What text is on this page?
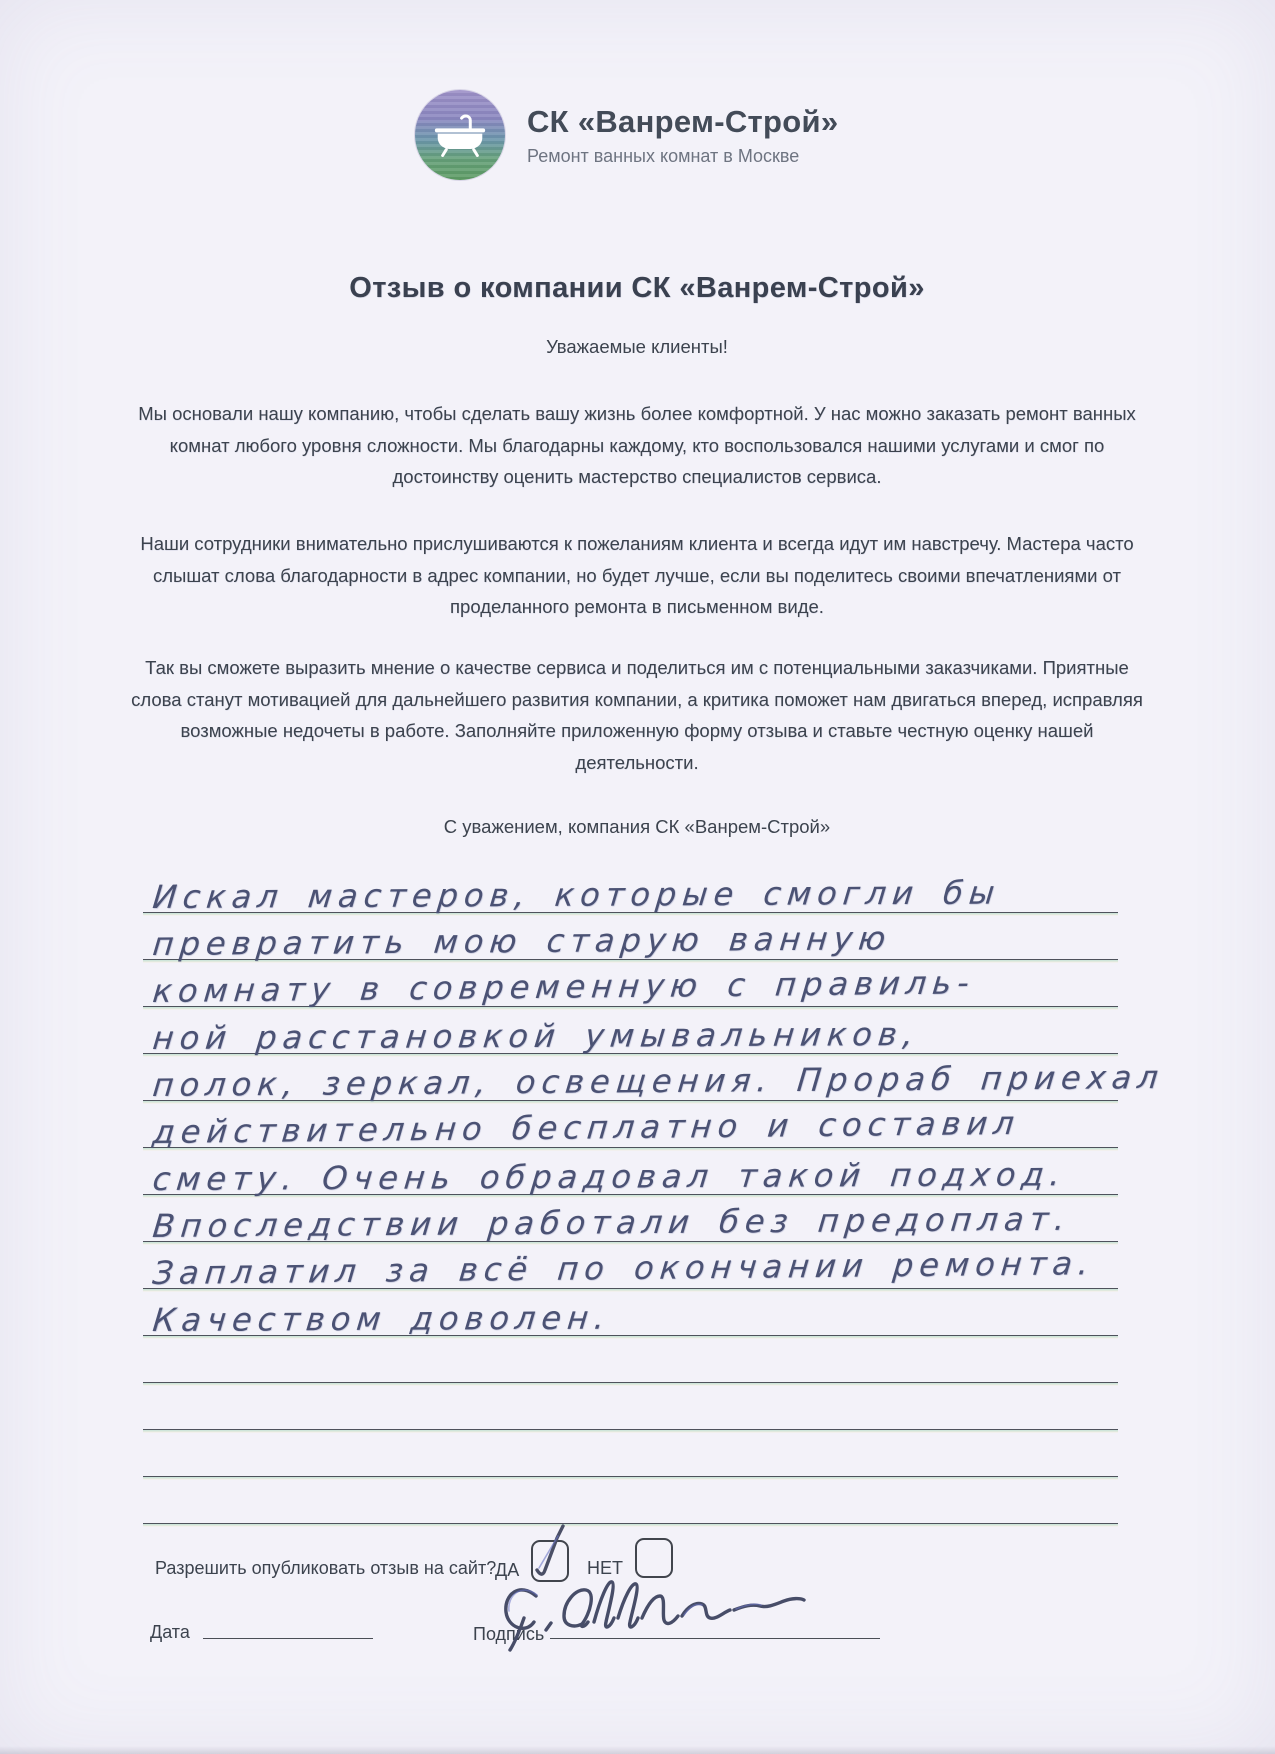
СК «Ванрем-Строй»
Ремонт ванных комнат в Москве
Отзыв о компании СК «Ванрем-Строй»

Уважаемые клиенты!

Мы основали нашу компанию, чтобы сделать вашу жизнь более комфортной. У нас можно заказать ремонт ванных комнат любого уровня сложности. Мы благодарны каждому, кто воспользовался нашими услугами и смог по достоинству оценить мастерство специалистов сервиса.

Наши сотрудники внимательно прислушиваются к пожеланиям клиента и всегда идут им навстречу. Мастера часто слышат слова благодарности в адрес компании, но будет лучше, если вы поделитесь своими впечатлениями от проделанного ремонта в письменном виде.

Так вы сможете выразить мнение о качестве сервиса и поделиться им с потенциальными заказчиками. Приятные слова станут мотивацией для дальнейшего развития компании, а критика поможет нам двигаться вперед, исправляя возможные недочеты в работе. Заполняйте приложенную форму отзыва и ставьте честную оценку нашей деятельности.

С уважением, компания СК «Ванрем-Строй»

Искал мастеров, которые смогли бы
превратить мою старую ванную
комнату в современную с правиль-
ной расстановкой умывальников,
полок, зеркал, освещения. Прораб приехал
действительно бесплатно и составил
смету. Очень обрадовал такой подход.
Впоследствии работали без предоплат.
Заплатил за всё по окончании ремонта.
Качеством доволен.
Разрешить опубликовать отзыв на сайт?
ДА	НЕТ
Дата	Подпись
